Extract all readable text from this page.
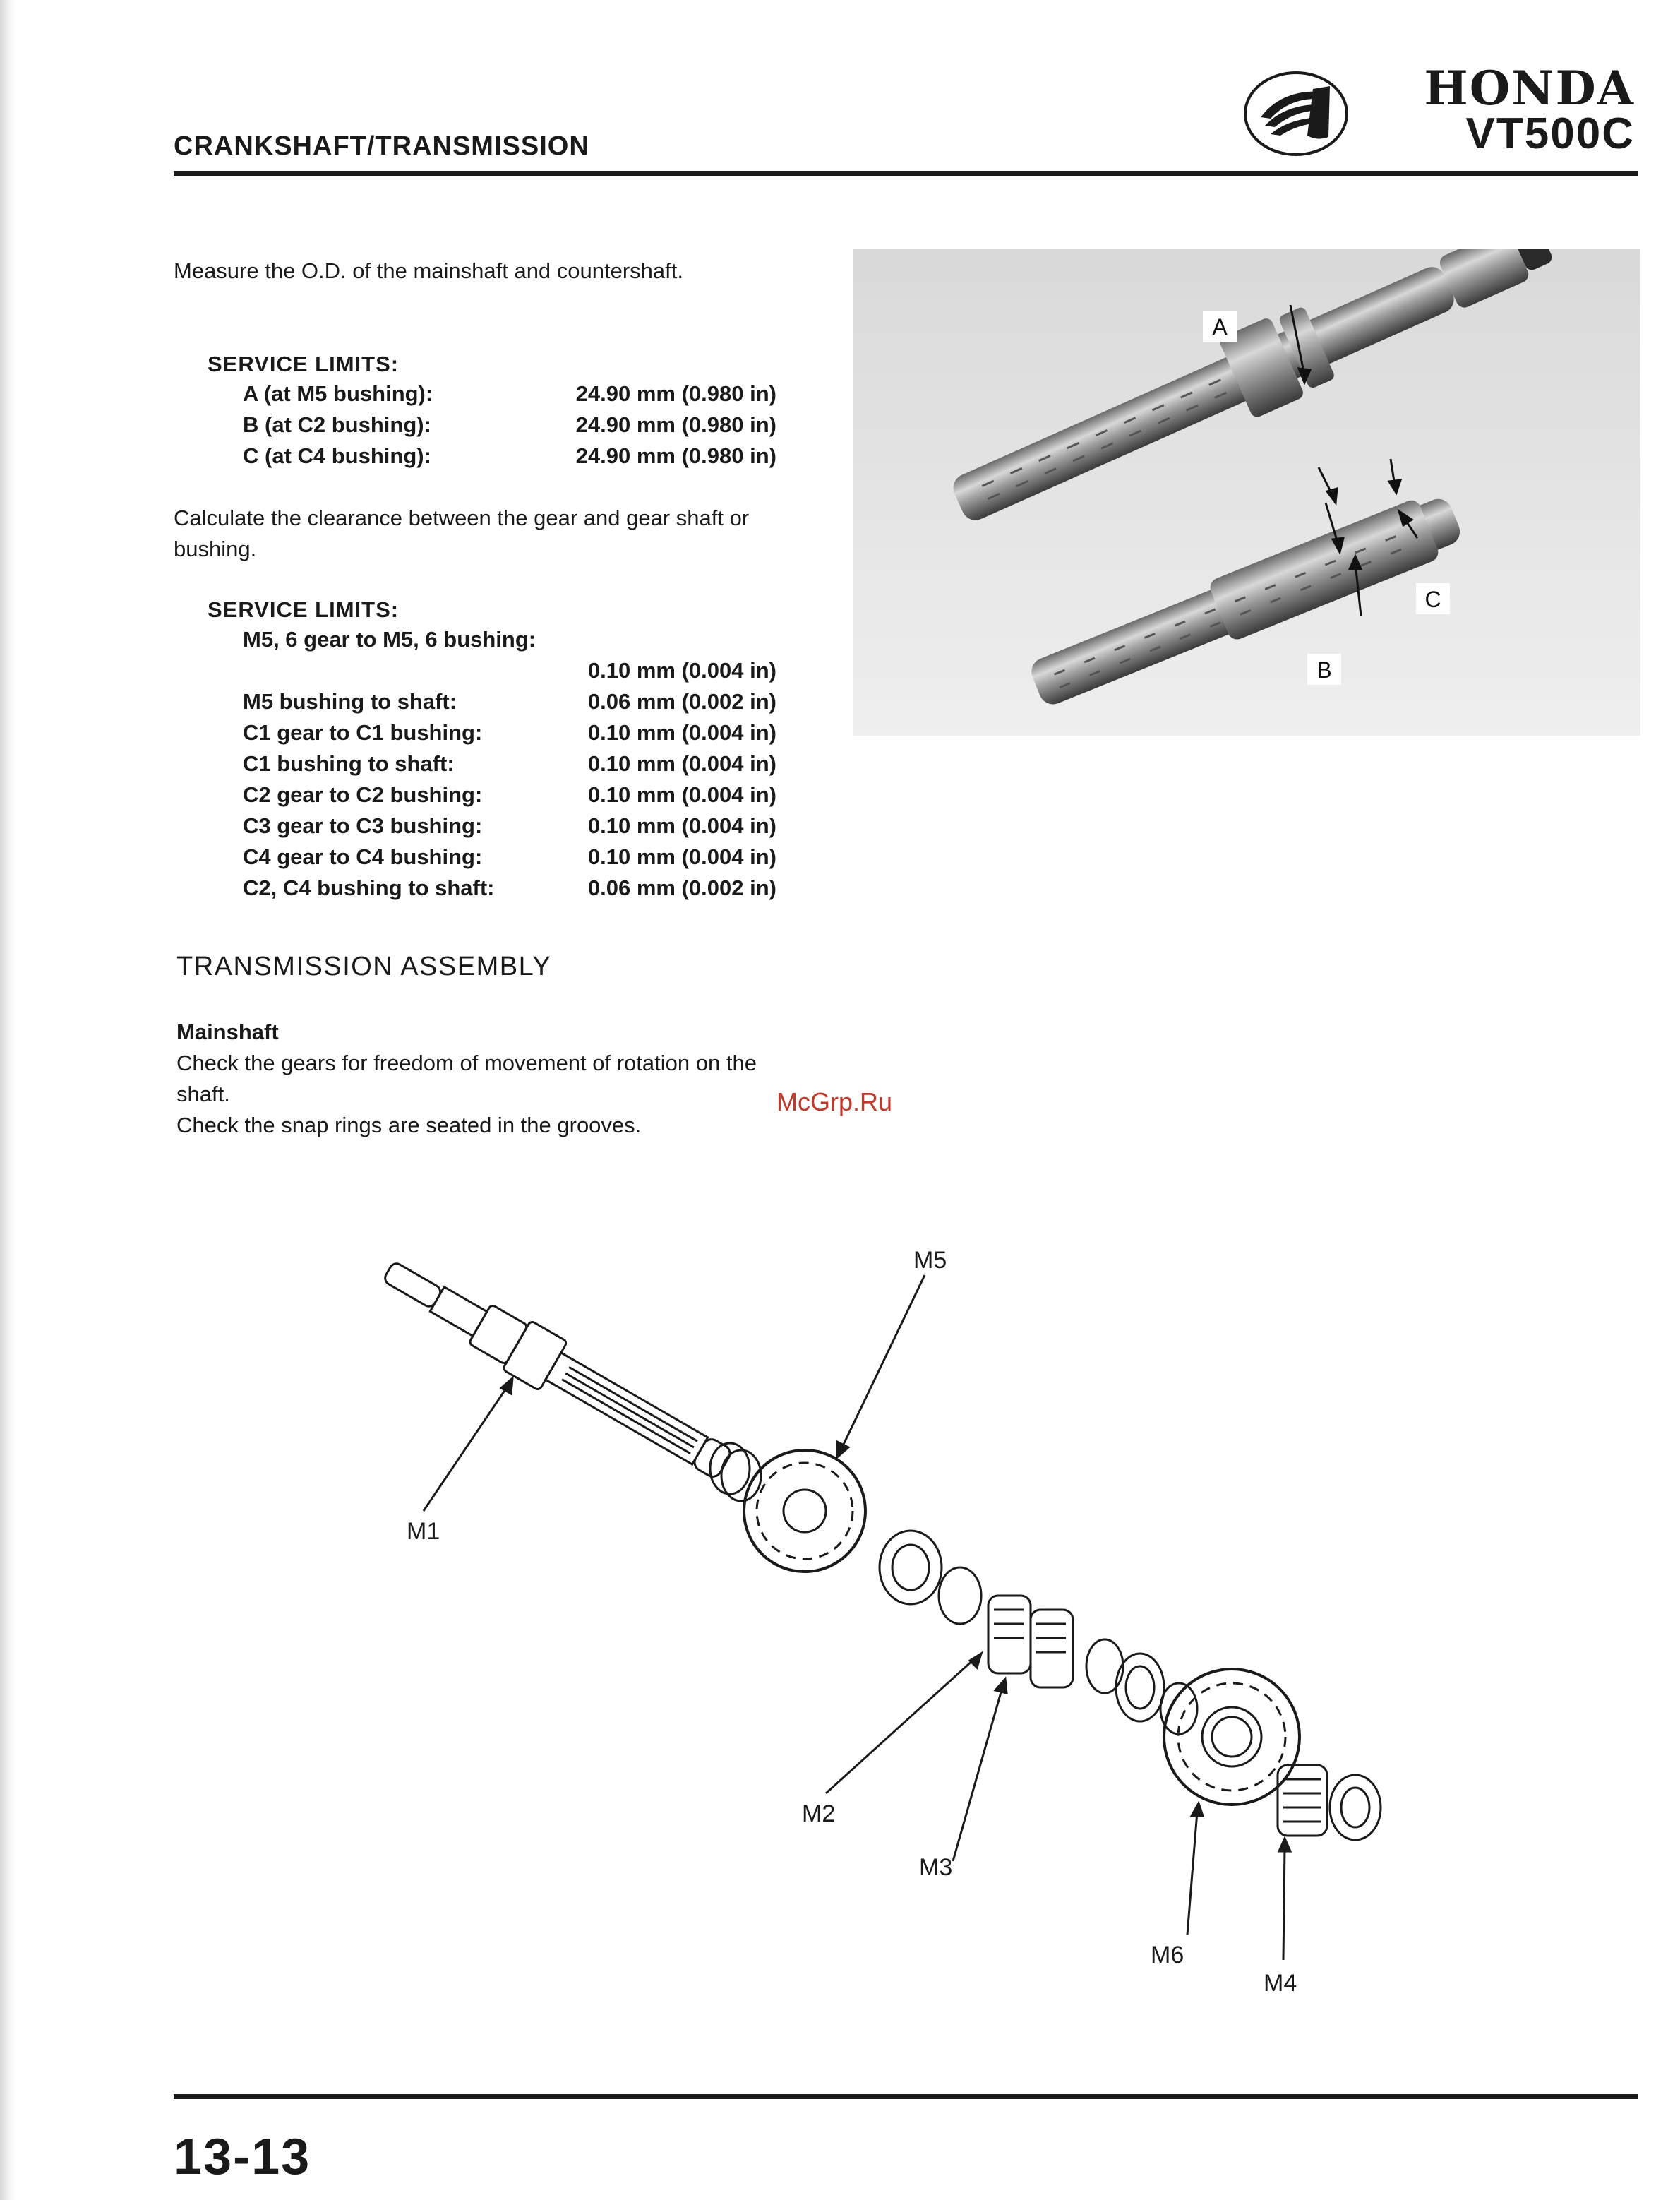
CRANKSHAFT/TRANSMISSION
HONDA
VT500C
Measure the O.D. of the mainshaft and countershaft.
SERVICE LIMITS:
A (at M5 bushing):	24.90 mm (0.980 in)
B (at C2 bushing):	24.90 mm (0.980 in)
C (at C4 bushing):	24.90 mm (0.980 in)
Calculate the clearance between the gear and gear shaft or bushing.
SERVICE LIMITS:
M5, 6 gear to M5, 6 bushing:
0.10 mm (0.004 in)
M5 bushing to shaft:	0.06 mm (0.002 in)
C1 gear to C1 bushing:	0.10 mm (0.004 in)
C1 bushing to shaft:	0.10 mm (0.004 in)
C2 gear to C2 bushing:	0.10 mm (0.004 in)
C3 gear to C3 bushing:	0.10 mm (0.004 in)
C4 gear to C4 bushing:	0.10 mm (0.004 in)
C2, C4 bushing to shaft:	0.06 mm (0.002 in)
TRANSMISSION ASSEMBLY
Mainshaft
Check the gears for freedom of movement of rotation on the shaft.
Check the snap rings are seated in the grooves.
McGrp.Ru
A
C
B
M1
M5
M2
M3
M6
M4
13-13
